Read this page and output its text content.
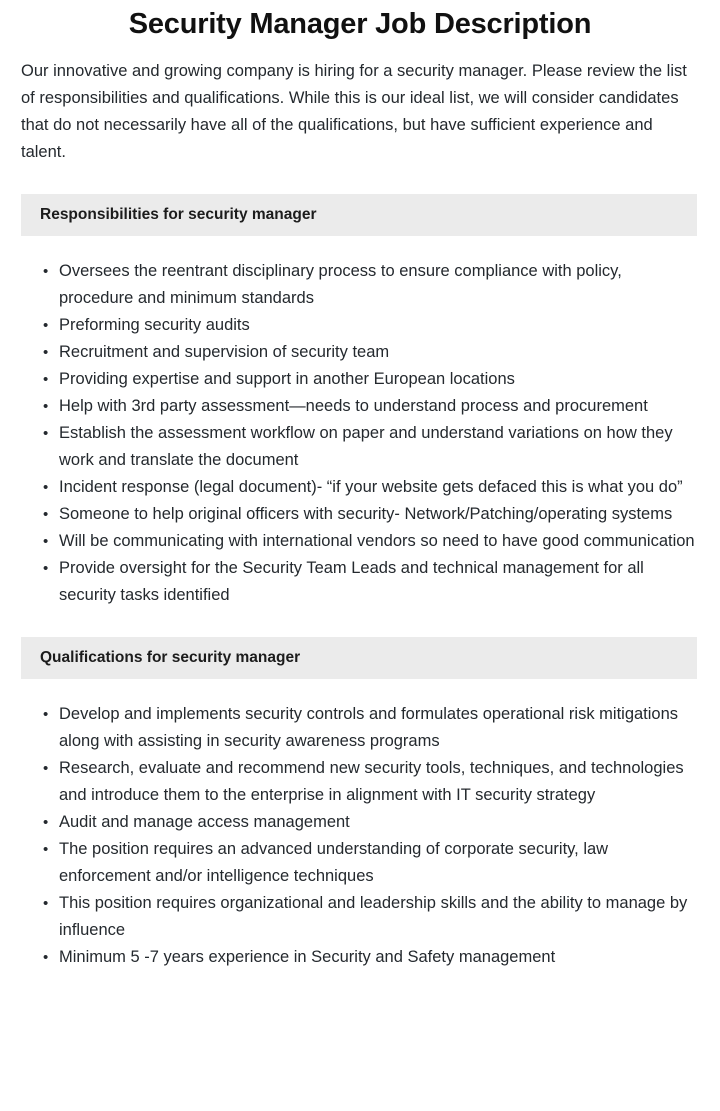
Security Manager Job Description

Our innovative and growing company is hiring for a security manager. Please review the list of responsibilities and qualifications. While this is our ideal list, we will consider candidates that do not necessarily have all of the qualifications, but have sufficient experience and talent.

Responsibilities for security manager
• Oversees the reentrant disciplinary process to ensure compliance with policy, procedure and minimum standards
• Preforming security audits
• Recruitment and supervision of security team
• Providing expertise and support in another European locations
• Help with 3rd party assessment—needs to understand process and procurement
• Establish the assessment workflow on paper and understand variations on how they work and translate the document
• Incident response (legal document)- “if your website gets defaced this is what you do”
• Someone to help original officers with security- Network/Patching/operating systems
• Will be communicating with international vendors so need to have good communication
• Provide oversight for the Security Team Leads and technical management for all security tasks identified
Qualifications for security manager
• Develop and implements security controls and formulates operational risk mitigations along with assisting in security awareness programs
• Research, evaluate and recommend new security tools, techniques, and technologies and introduce them to the enterprise in alignment with IT security strategy
• Audit and manage access management
• The position requires an advanced understanding of corporate security, law enforcement and/or intelligence techniques
• This position requires organizational and leadership skills and the ability to manage by influence
• Minimum 5 -7 years experience in Security and Safety management
